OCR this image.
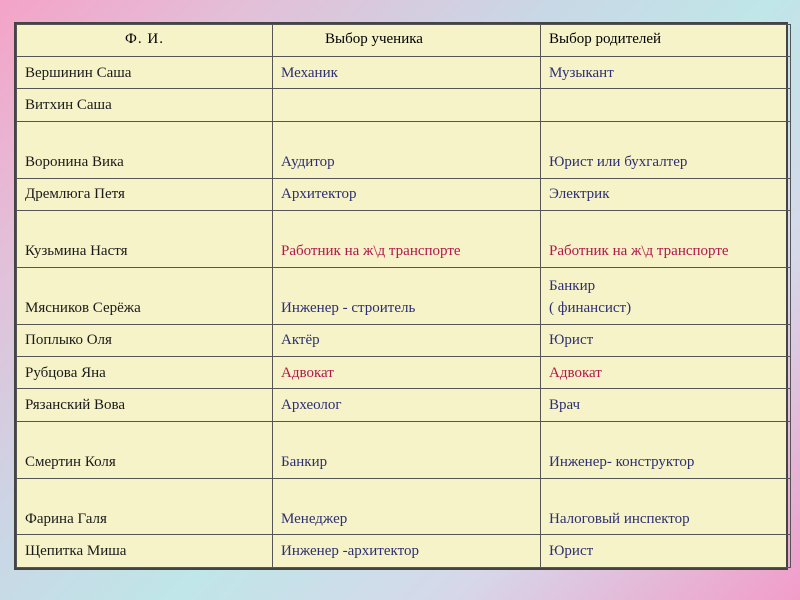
Ф. И.	Выбор ученика	Выбор родителей
Вершинин Саша	Механик	Музыкант
Витхин Саша		
Воронина Вика	Аудитор	Юрист или бухгалтер
Дремлюга Петя	Архитектор	Электрик
Кузьмина Настя	Работник на ж\д транспорте	Работник на ж\д транспорте
Мясников Серёжа	Инженер - строитель	Банкир
( финансист)
Поплыко Оля	Актёр	Юрист
Рубцова Яна	Адвокат	Адвокат
Рязанский Вова	Археолог	Врач
Смертин Коля	Банкир	Инженер- конструктор
Фарина Галя	Менеджер	Налоговый инспектор
Щепитка Миша	Инженер -архитектор	Юрист
